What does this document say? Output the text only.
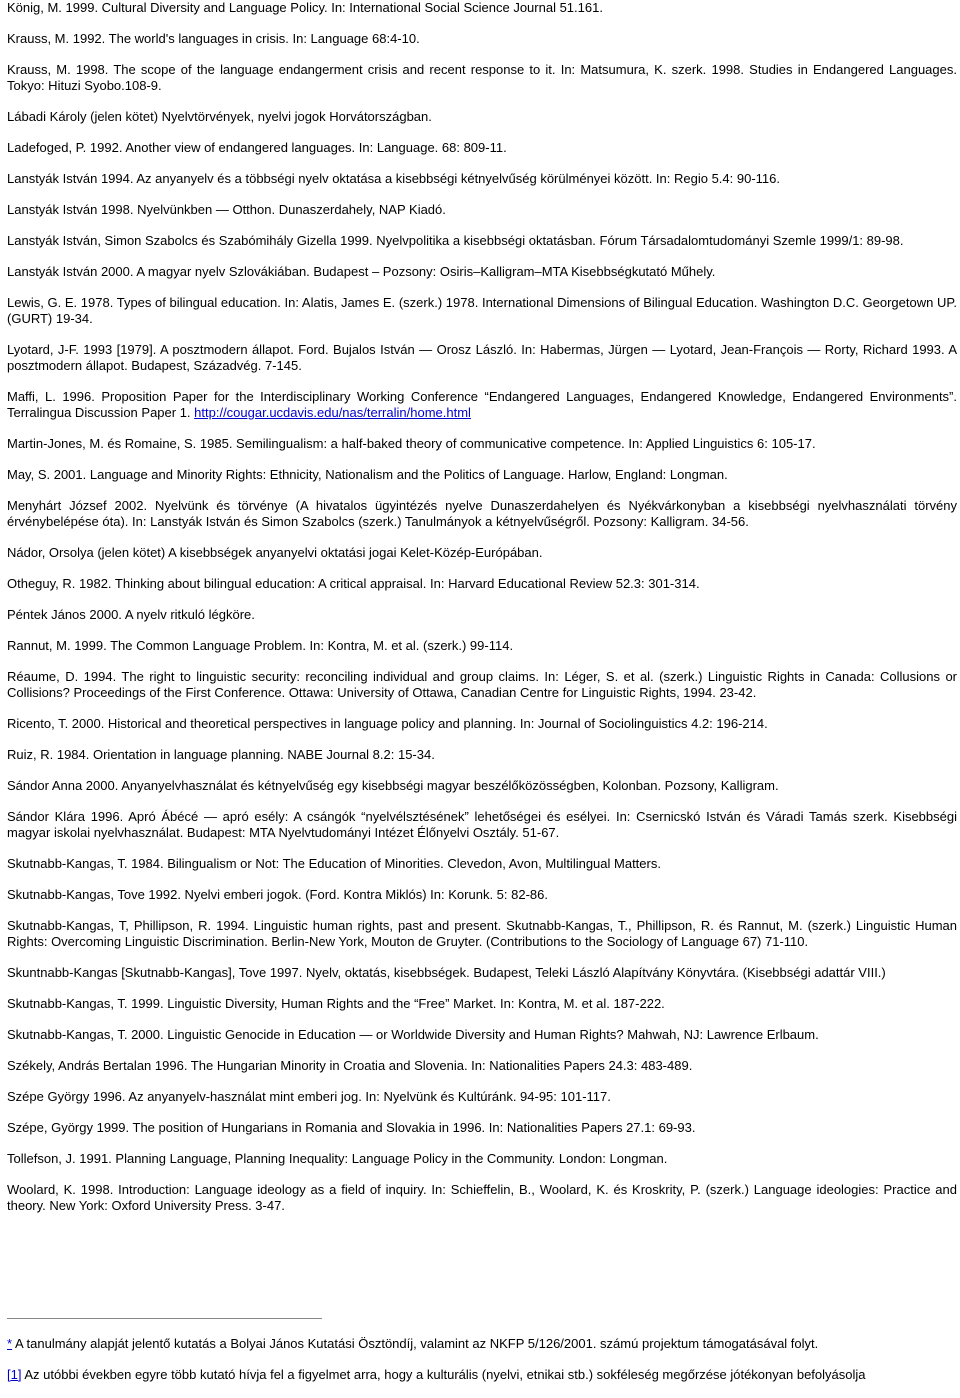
König, M. 1999. Cultural Diversity and Language Policy. In: International Social Science Journal 51.161.

Krauss, M. 1992. The world's languages in crisis. In: Language 68:4-10.

Krauss, M. 1998. The scope of the language endangerment crisis and recent response to it. In: Matsumura, K. szerk. 1998. Studies in Endangered Languages. Tokyo: Hituzi Syobo.108-9.

Lábadi Károly (jelen kötet) Nyelvtörvények, nyelvi jogok Horvátországban.

Ladefoged, P. 1992. Another view of endangered languages. In: Language. 68: 809-11.

Lanstyák István 1994. Az anyanyelv és a többségi nyelv oktatása a kisebbségi kétnyelvűség körülményei között. In: Regio 5.4: 90-116.

Lanstyák István 1998. Nyelvünkben — Otthon. Dunaszerdahely, NAP Kiadó.

Lanstyák István, Simon Szabolcs és Szabómihály Gizella 1999. Nyelvpolitika a kisebbségi oktatásban. Fórum Társadalomtudományi Szemle 1999/1: 89-98.

Lanstyák István 2000. A magyar nyelv Szlovákiában. Budapest – Pozsony: Osiris–Kalligram–MTA Kisebbségkutató Műhely.

Lewis, G. E. 1978. Types of bilingual education. In: Alatis, James E. (szerk.) 1978. International Dimensions of Bilingual Education. Washington D.C. Georgetown UP. (GURT) 19-34.

Lyotard, J-F. 1993 [1979]. A posztmodern állapot. Ford. Bujalos István — Orosz László. In: Habermas, Jürgen — Lyotard, Jean-François — Rorty, Richard 1993. A posztmodern állapot. Budapest, Századvég. 7-145.

Maffi, L. 1996. Proposition Paper for the Interdisciplinary Working Conference “Endangered Languages, Endangered Knowledge, Endangered Environments”. Terralingua Discussion Paper 1. http://cougar.ucdavis.edu/nas/terralin/home.html

Martin-Jones, M. és Romaine, S. 1985. Semilingualism: a half-baked theory of communicative competence. In: Applied Linguistics 6: 105-17.

May, S. 2001. Language and Minority Rights: Ethnicity, Nationalism and the Politics of Language. Harlow, England: Longman.

Menyhárt József 2002. Nyelvünk és törvénye (A hivatalos ügyintézés nyelve Dunaszerdahelyen és Nyékvárkonyban a kisebbségi nyelvhasználati törvény érvénybelépése óta). In: Lanstyák István és Simon Szabolcs (szerk.) Tanulmányok a kétnyelvűségről. Pozsony: Kalligram. 34-56.

Nádor, Orsolya (jelen kötet) A kisebbségek anyanyelvi oktatási jogai Kelet-Közép-Európában.

Otheguy, R. 1982. Thinking about bilingual education: A critical appraisal. In: Harvard Educational Review 52.3: 301-314.

Péntek János 2000. A nyelv ritkuló légköre.

Rannut, M. 1999. The Common Language Problem. In: Kontra, M. et al. (szerk.) 99-114.

Réaume, D. 1994. The right to linguistic security: reconciling individual and group claims. In: Léger, S. et al. (szerk.) Linguistic Rights in Canada: Collusions or Collisions? Proceedings of the First Conference. Ottawa: University of Ottawa, Canadian Centre for Linguistic Rights, 1994. 23-42.

Ricento, T. 2000. Historical and theoretical perspectives in language policy and planning. In: Journal of Sociolinguistics 4.2: 196-214.

Ruiz, R. 1984. Orientation in language planning. NABE Journal 8.2: 15-34.

Sándor Anna 2000. Anyanyelvhasználat és kétnyelvűség egy kisebbségi magyar beszélőközösségben, Kolonban. Pozsony, Kalligram.

Sándor Klára 1996. Apró Ábécé — apró esély: A csángók “nyelvélsztésének” lehetőségei és esélyei. In: Csernicskó István és Váradi Tamás szerk. Kisebbségi magyar iskolai nyelvhasználat. Budapest: MTA Nyelvtudományi Intézet Élőnyelvi Osztály. 51-67.

Skutnabb-Kangas, T. 1984. Bilingualism or Not: The Education of Minorities. Clevedon, Avon, Multilingual Matters.

Skutnabb-Kangas, Tove 1992. Nyelvi emberi jogok. (Ford. Kontra Miklós) In: Korunk. 5: 82-86.

Skutnabb-Kangas, T, Phillipson, R. 1994. Linguistic human rights, past and present. Skutnabb-Kangas, T., Phillipson, R. és Rannut, M. (szerk.) Linguistic Human Rights: Overcoming Linguistic Discrimination. Berlin-New York, Mouton de Gruyter. (Contributions to the Sociology of Language 67) 71-110.

Skuntnabb-Kangas [Skutnabb-Kangas], Tove 1997. Nyelv, oktatás, kisebbségek. Budapest, Teleki László Alapítvány Könyvtára. (Kisebbségi adattár VIII.)

Skutnabb-Kangas, T. 1999. Linguistic Diversity, Human Rights and the “Free” Market. In: Kontra, M. et al. 187-222.

Skutnabb-Kangas, T. 2000. Linguistic Genocide in Education — or Worldwide Diversity and Human Rights? Mahwah, NJ: Lawrence Erlbaum.

Székely, András Bertalan 1996. The Hungarian Minority in Croatia and Slovenia. In: Nationalities Papers 24.3: 483-489.

Szépe György 1996. Az anyanyelv-használat mint emberi jog. In: Nyelvünk és Kultúránk. 94-95: 101-117.

Szépe, György 1999. The position of Hungarians in Romania and Slovakia in 1996. In: Nationalities Papers 27.1: 69-93.

Tollefson, J. 1991. Planning Language, Planning Inequality: Language Policy in the Community. London: Longman.

Woolard, K. 1998. Introduction: Language ideology as a field of inquiry. In: Schieffelin, B., Woolard, K. és Kroskrity, P. (szerk.) Language ideologies: Practice and theory. New York: Oxford University Press. 3-47.

* A tanulmány alapját jelentő kutatás a Bolyai János Kutatási Ösztöndíj, valamint az NKFP 5/126/2001. számú projektum támogatásával folyt.

[1] Az utóbbi években egyre több kutató hívja fel a figyelmet arra, hogy a kulturális (nyelvi, etnikai stb.) sokféleség megőrzése jótékonyan befolyásolja
